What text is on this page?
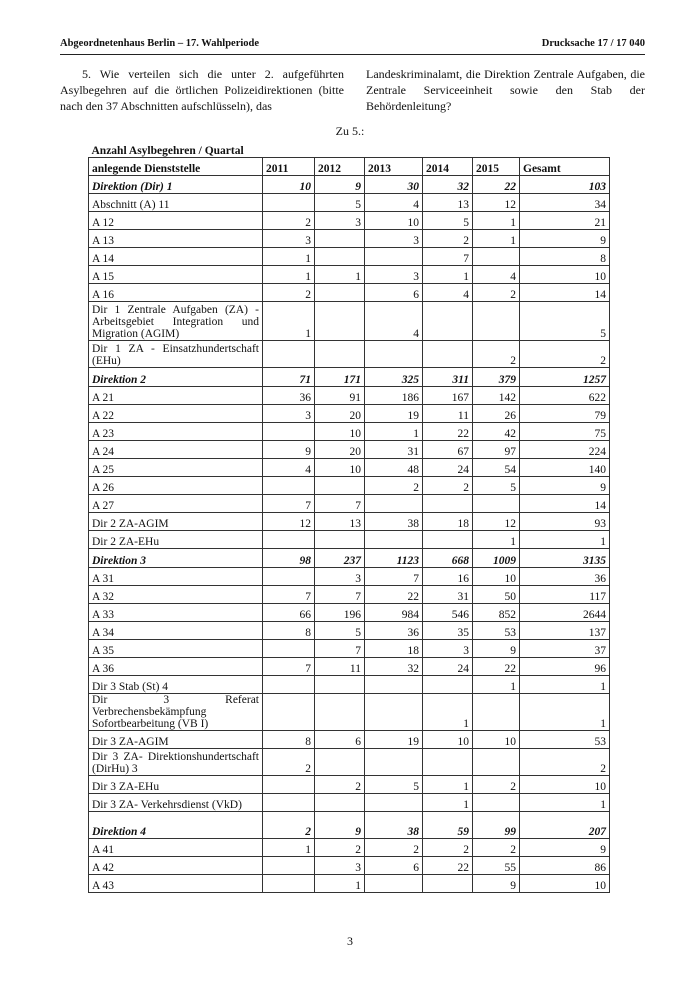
Abgeordnetenhaus Berlin – 17. Wahlperiode	Drucksache 17 / 17 040
5. Wie verteilen sich die unter 2. aufgeführten Asylbegehren auf die örtlichen Polizeidirektionen (bitte nach den 37 Abschnitten aufschlüsseln), das
Landeskriminalamt, die Direktion Zentrale Aufgaben, die Zentrale Serviceeinheit sowie den Stab der Behördenleitung?
Zu 5.:
Anzahl Asylbegehren / Quartal						
anlegende Dienststelle	2011	2012	2013	2014	2015	Gesamt
Direktion (Dir) 1	10	9	30	32	22	103
Abschnitt (A) 11		5	4	13	12	34
A 12	2	3	10	5	1	21
A 13	3		3	2	1	9
A 14	1			7		8
A 15	1	1	3	1	4	10
A 16	2		6	4	2	14
Dir 1 Zentrale Aufgaben (ZA) - Arbeitsgebiet Integration und Migration (AGIM)	1		4			5
Dir 1 ZA - Einsatzhundertschaft (EHu)					2	2
Direktion 2	71	171	325	311	379	1257
A 21	36	91	186	167	142	622
A 22	3	20	19	11	26	79
A 23		10	1	22	42	75
A 24	9	20	31	67	97	224
A 25	4	10	48	24	54	140
A 26			2	2	5	9
A 27	7	7				14
Dir 2 ZA-AGIM	12	13	38	18	12	93
Dir 2 ZA-EHu					1	1
Direktion 3	98	237	1123	668	1009	3135
A 31		3	7	16	10	36
A 32	7	7	22	31	50	117
A 33	66	196	984	546	852	2644
A 34	8	5	36	35	53	137
A 35		7	18	3	9	37
A 36	7	11	32	24	22	96
Dir 3 Stab (St) 4					1	1
Dir 3 Referat Verbrechensbekämpfung Sofortbearbeitung (VB I)				1		1
Dir 3 ZA-AGIM	8	6	19	10	10	53
Dir 3 ZA- Direktionshundertschaft (DirHu) 3	2					2
Dir 3 ZA-EHu		2	5	1	2	10
Dir 3 ZA- Verkehrsdienst (VkD)				1		1
Direktion 4	2	9	38	59	99	207
A 41	1	2	2	2	2	9
A 42		3	6	22	55	86
A 43		1			9	10
3
